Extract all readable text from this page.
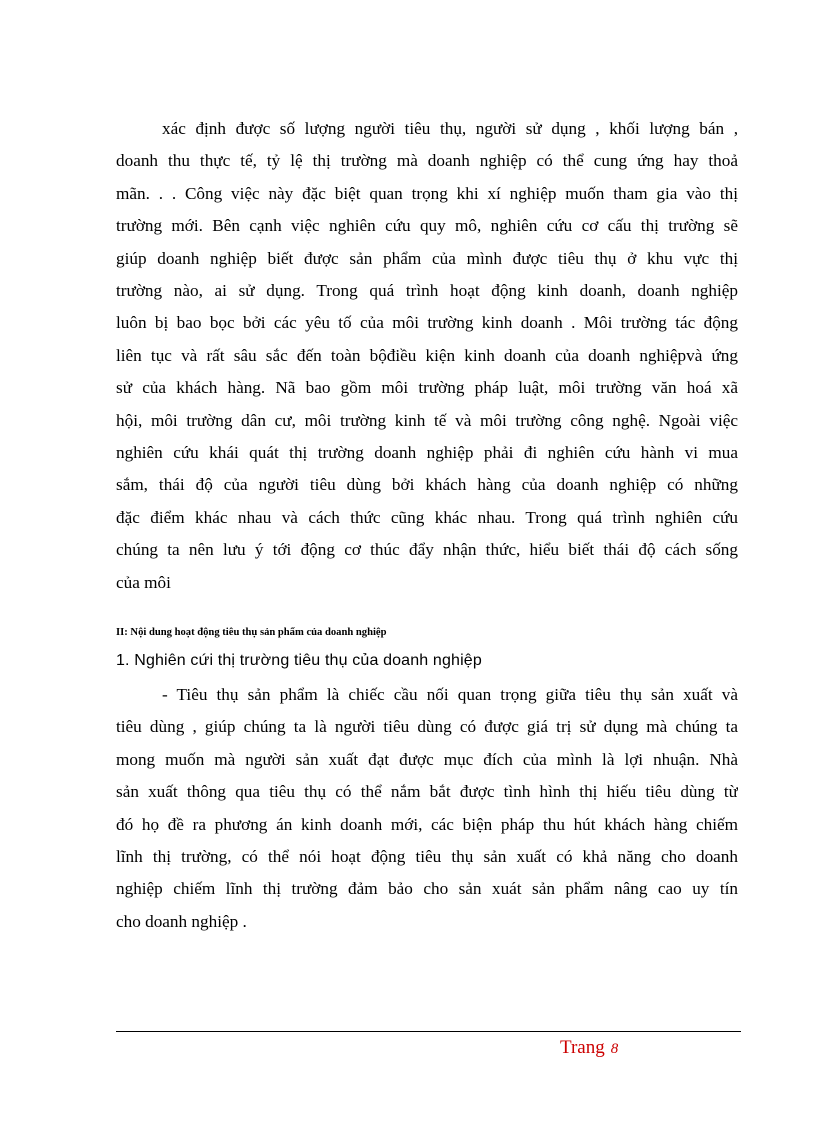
xác định được số lượng người tiêu thụ, người sử dụng , khối lượng bán ,
doanh thu thực tế, tỷ lệ thị trường mà doanh nghiệp có thể cung ứng hay thoả
mãn. . . Công việc này đặc biệt quan trọng khi xí nghiệp muốn tham gia vào thị
trường mới. Bên cạnh việc nghiên cứu quy mô, nghiên cứu cơ cấu thị trường sẽ
giúp doanh nghiệp biết được sản phẩm của mình được tiêu thụ ở khu vực thị
trường nào, ai sử dụng. Trong quá trình hoạt động kinh doanh, doanh nghiệp
luôn bị bao bọc bởi các yêu tố của môi trường kinh doanh . Môi trường tác động
liên tục và rất sâu sắc đến toàn bộđiều kiện kinh doanh của doanh nghiệpvà ứng
sử của khách hàng. Nã bao gồm môi trường pháp luật, môi trường văn hoá xã
hội, môi trường dân cư, môi trường kinh tế và môi trường công nghệ. Ngoài việc
nghiên cứu khái quát thị trường doanh nghiệp phải đi nghiên cứu hành vi mua
sắm, thái độ của người tiêu dùng bởi khách hàng của doanh nghiệp có những
đặc điểm khác nhau và cách thức cũng khác nhau. Trong quá trình nghiên cứu
chúng ta nên lưu ý tới động cơ thúc đẩy nhận thức, hiểu biết thái độ cách sống
của môi

II: Nội dung hoạt động tiêu thụ sản phẩm của doanh nghiệp

1. Nghiên cứi thị trường tiêu thụ của doanh nghiệp

- Tiêu thụ sản phẩm là chiếc cầu nối quan trọng giữa tiêu thụ sản xuất và
tiêu dùng , giúp chúng ta là người tiêu dùng có được giá trị sử dụng mà chúng ta
mong muốn mà người sản xuất đạt được mục đích của mình là lợi nhuận. Nhà
sản xuất thông qua tiêu thụ có thể nắm bắt được tình hình thị hiếu tiêu dùng từ
đó họ đề ra phương án kinh doanh mới, các biện pháp thu hút khách hàng chiếm
lĩnh thị trường, có thể nói hoạt động tiêu thụ sản xuất có khả năng cho doanh
nghiệp chiếm lĩnh thị trường đảm bảo cho sản xuát sản phẩm nâng cao uy tín
cho doanh nghiệp .
Trang 8
